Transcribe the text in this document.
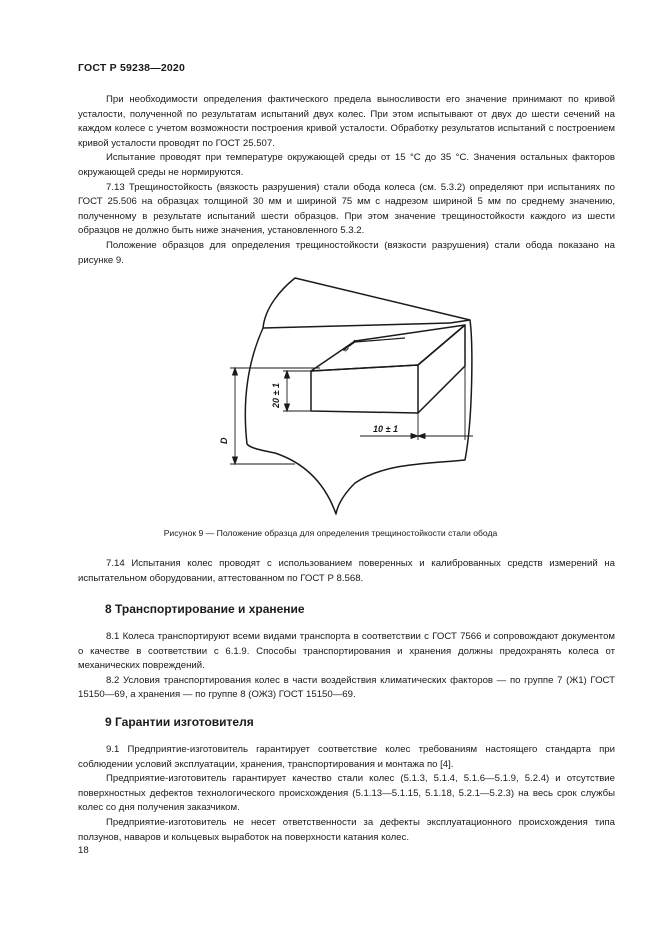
ГОСТ Р 59238—2020

При необходимости определения фактического предела выносливости его значение принимают по кривой усталости, полученной по результатам испытаний двух колес. При этом испытывают от двух до шести сечений на каждом колесе с учетом возможности построения кривой усталости. Обработку результатов испытаний с построением кривой усталости проводят по ГОСТ 25.507.

Испытание проводят при температуре окружающей среды от 15 °С до 35 °С. Значения остальных факторов окружающей среды не нормируются.

7.13 Трещиностойкость (вязкость разрушения) стали обода колеса (см. 5.3.2) определяют при испытаниях по ГОСТ 25.506 на образцах толщиной 30 мм и шириной 75 мм с надрезом шириной 5 мм по среднему значению, полученному в результате испытаний шести образцов. При этом значение трещиностойкости каждого из шести образцов не должно быть ниже значения, установленного 5.3.2.

Положение образцов для определения трещиностойкости (вязкости разрушения) стали обода показано на рисунке 9.

D
20 ± 1
10 ± 1
Рисунок 9 — Положение образца для определения трещиностойкости стали обода

7.14 Испытания колес проводят с использованием поверенных и калиброванных средств измерений на испытательном оборудовании, аттестованном по ГОСТ Р 8.568.

8 Транспортирование и хранение

8.1 Колеса транспортируют всеми видами транспорта в соответствии с ГОСТ 7566 и сопровождают документом о качестве в соответствии с 6.1.9. Способы транспортирования и хранения должны предохранять колеса от механических повреждений.

8.2 Условия транспортирования колес в части воздействия климатических факторов — по группе 7 (Ж1) ГОСТ 15150—69, а хранения — по группе 8 (ОЖ3) ГОСТ 15150—69.

9 Гарантии изготовителя

9.1 Предприятие-изготовитель гарантирует соответствие колес требованиям настоящего стандарта при соблюдении условий эксплуатации, хранения, транспортирования и монтажа по [4].

Предприятие-изготовитель гарантирует качество стали колес (5.1.3, 5.1.4, 5.1.6—5.1.9, 5.2.4) и отсутствие поверхностных дефектов технологического происхождения (5.1.13—5.1.15, 5.1.18, 5.2.1—5.2.3) на весь срок службы колес со дня получения заказчиком.

Предприятие-изготовитель не несет ответственности за дефекты эксплуатационного происхождения типа ползунов, наваров и кольцевых выработок на поверхности катания колес.

18
